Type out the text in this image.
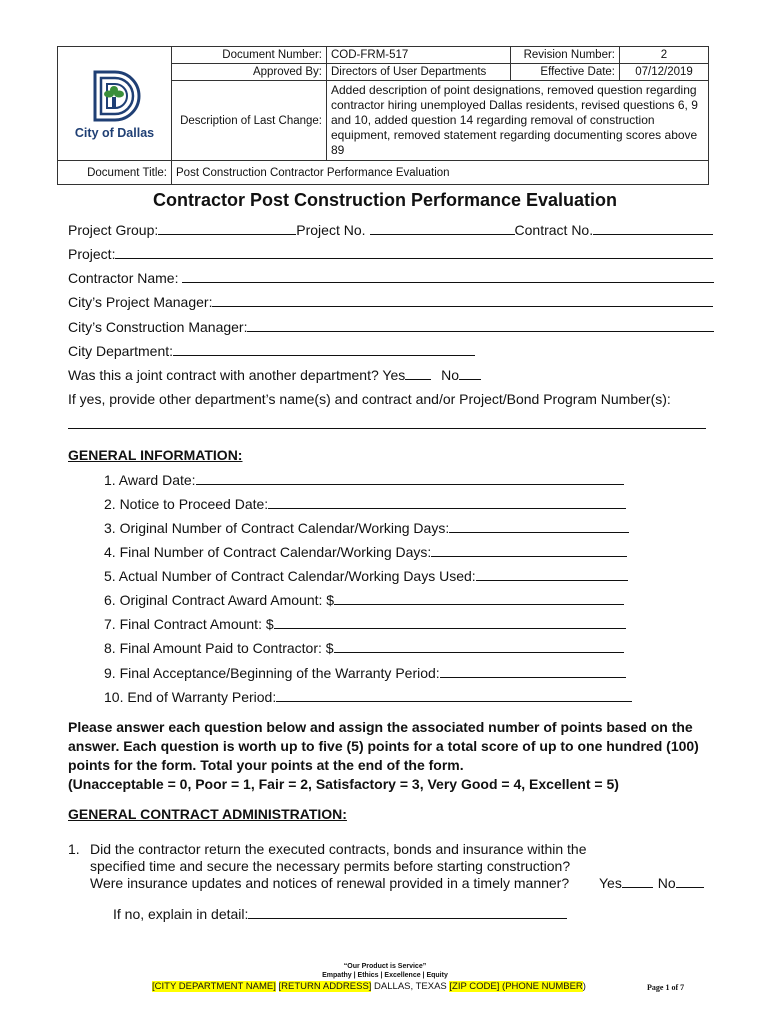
City of Dallas	Document Number:	COD-FRM-517	Revision Number:	2
	Approved By:	Directors of User Departments	Effective Date:	07/12/2019
	Description of Last Change:	Added description of point designations, removed question regarding contractor hiring unemployed Dallas residents, revised questions 6, 9 and 10, added question 14 regarding removal of construction equipment, removed statement regarding documenting scores above 89		
Document Title:	Post Construction Contractor Performance Evaluation			
Contractor Post Construction Performance Evaluation
Project Group:	Project No.	Contract No.
Project:
Contractor Name:
City’s Project Manager:
City’s Construction Manager:
City Department:
Was this a joint contract with another department? Yes	No
If yes, provide other department’s name(s) and contract and/or Project/Bond Program Number(s):
GENERAL INFORMATION:
1. Award Date:
2. Notice to Proceed Date:
3. Original Number of Contract Calendar/Working Days:
4. Final Number of Contract Calendar/Working Days:
5. Actual Number of Contract Calendar/Working Days Used:
6. Original Contract Award Amount: $
7. Final Contract Amount: $
8. Final Amount Paid to Contractor: $
9. Final Acceptance/Beginning of the Warranty Period:
10. End of Warranty Period:
Please answer each question below and assign the associated number of points based on the answer. Each question is worth up to five (5) points for a total score of up to one hundred (100) points for the form. Total your points at the end of the form.
(Unacceptable = 0, Poor = 1, Fair = 2, Satisfactory = 3, Very Good = 4, Excellent = 5)
GENERAL CONTRACT ADMINISTRATION:
1. Did the contractor return the executed contracts, bonds and insurance within the
specified time and secure the necessary permits before starting construction?
Were insurance updates and notices of renewal provided in a timely manner? Yes	No
If no, explain in detail:
“Our Product is Service”
Empathy | Ethics | Excellence | Equity
[CITY DEPARTMENT NAME] [RETURN ADDRESS] DALLAS, TEXAS [ZIP CODE] (PHONE NUMBER)	Page 1 of 7
